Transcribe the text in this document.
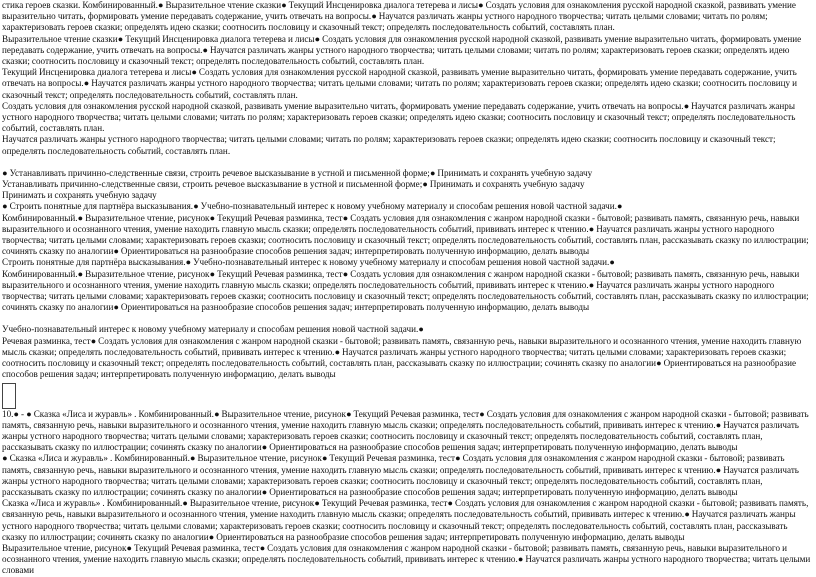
стика героев сказки. Комбинированный.● Выразительное чтение сказки● Текущий Инсценировка диалога тетерева и лисы● Создать условия для ознакомления русской народной сказкой, развивать умение выразительно читать, формировать умение передавать содержание, учить отвечать на вопросы.● Научатся различать жанры устного народного творчества; читать целыми словами; читать по ролям; характеризовать героев сказки; определять идею сказки; соотносить пословицу и сказочный текст; определять последовательность событий, составлять план.

Выразительное чтение сказки● Текущий Инсценировка диалога тетерева и лисы● Создать условия для ознакомления русской народной сказкой, развивать умение выразительно читать, формировать умение передавать содержание, учить отвечать на вопросы.● Научатся различать жанры устного народного творчества; читать целыми словами; читать по ролям; характеризовать героев сказки; определять идею сказки; соотносить пословицу и сказочный текст; определять последовательность событий, составлять план.

Текущий Инсценировка диалога тетерева и лисы● Создать условия для ознакомления русской народной сказкой, развивать умение выразительно читать, формировать умение передавать содержание, учить отвечать на вопросы.● Научатся различать жанры устного народного творчества; читать целыми словами; читать по ролям; характеризовать героев сказки; определять идею сказки; соотносить пословицу и сказочный текст; определять последовательность событий, составлять план.

Создать условия для ознакомления русской народной сказкой, развивать умение выразительно читать, формировать умение передавать содержание, учить отвечать на вопросы.● Научатся различать жанры устного народного творчества; читать целыми словами; читать по ролям; характеризовать героев сказки; определять идею сказки; соотносить пословицу и сказочный текст; определять последовательность событий, составлять план.

Научатся различать жанры устного народного творчества; читать целыми словами; читать по ролям; характеризовать героев сказки; определять идею сказки; соотносить пословицу и сказочный текст; определять последовательность событий, составлять план.

● Устанавливать причинно-следственные связи, строить речевое высказывание в устной и письменной форме;● Принимать и сохранять учебную задачу

Устанавливать причинно-следственные связи, строить речевое высказывание в устной и письменной форме;● Принимать и сохранять учебную задачу

Принимать и сохранять учебную задачу

● Строить понятные для партнёра высказывания.● Учебно-познавательный интерес к новому учебному материалу и способам решения новой частной задачи.●

Комбинированный.● Выразительное чтение, рисунок● Текущий Речевая разминка, тест● Создать условия для ознакомления с жанром народной сказки - бытовой; развивать память, связанную речь, навыки выразительного и осознанного чтения, умение находить главную мысль сказки; определять последовательность событий, прививать интерес к чтению.● Научатся различать жанры устного народного творчества; читать целыми словами; характеризовать героев сказки; соотносить пословицу и сказочный текст; определять последовательность событий, составлять план, рассказывать сказку по иллюстрации; сочинять сказку по аналогии● Ориентироваться на разнообразие способов решения задач; интерпретировать полученную информацию, делать выводы

Строить понятные для партнёра высказывания.● Учебно-познавательный интерес к новому учебному материалу и способам решения новой частной задачи.●

Комбинированный.● Выразительное чтение, рисунок● Текущий Речевая разминка, тест● Создать условия для ознакомления с жанром народной сказки - бытовой; развивать память, связанную речь, навыки выразительного и осознанного чтения, умение находить главную мысль сказки; определять последовательность событий, прививать интерес к чтению.● Научатся различать жанры устного народного творчества; читать целыми словами; характеризовать героев сказки; соотносить пословицу и сказочный текст; определять последовательность событий, составлять план, рассказывать сказку по иллюстрации; сочинять сказку по аналогии● Ориентироваться на разнообразие способов решения задач; интерпретировать полученную информацию, делать выводы

Учебно-познавательный интерес к новому учебному материалу и способам решения новой частной задачи.●

Речевая разминка, тест● Создать условия для ознакомления с жанром народной сказки - бытовой; развивать память, связанную речь, навыки выразительного и осознанного чтения, умение находить главную мысль сказки; определять последовательность событий, прививать интерес к чтению.● Научатся различать жанры устного народного творчества; читать целыми словами; характеризовать героев сказки; соотносить пословицу и сказочный текст; определять последовательность событий, составлять план, рассказывать сказку по иллюстрации; сочинять сказку по аналогии● Ориентироваться на разнообразие способов решения задач; интерпретировать полученную информацию, делать выводы

10.● - ● Сказка «Лиса и журавль» . Комбинированный.● Выразительное чтение, рисунок● Текущий Речевая разминка, тест● Создать условия для ознакомления с жанром народной сказки - бытовой; развивать память, связанную речь, навыки выразительного и осознанного чтения, умение находить главную мысль сказки; определять последовательность событий, прививать интерес к чтению.● Научатся различать жанры устного народного творчества; читать целыми словами; характеризовать героев сказки; соотносить пословицу и сказочный текст; определять последовательность событий, составлять план, рассказывать сказку по иллюстрации; сочинять сказку по аналогии● Ориентироваться на разнообразие способов решения задач; интерпретировать полученную информацию, делать выводы

● Сказка «Лиса и журавль» . Комбинированный.● Выразительное чтение, рисунок● Текущий Речевая разминка, тест● Создать условия для ознакомления с жанром народной сказки - бытовой; развивать память, связанную речь, навыки выразительного и осознанного чтения, умение находить главную мысль сказки; определять последовательность событий, прививать интерес к чтению.● Научатся различать жанры устного народного творчества; читать целыми словами; характеризовать героев сказки; соотносить пословицу и сказочный текст; определять последовательность событий, составлять план, рассказывать сказку по иллюстрации; сочинять сказку по аналогии● Ориентироваться на разнообразие способов решения задач; интерпретировать полученную информацию, делать выводы

Сказка «Лиса и журавль» . Комбинированный.● Выразительное чтение, рисунок● Текущий Речевая разминка, тест● Создать условия для ознакомления с жанром народной сказки - бытовой; развивать память, связанную речь, навыки выразительного и осознанного чтения, умение находить главную мысль сказки; определять последовательность событий, прививать интерес к чтению.● Научатся различать жанры устного народного творчества; читать целыми словами; характеризовать героев сказки; соотносить пословицу и сказочный текст; определять последовательность событий, составлять план, рассказывать сказку по иллюстрации; сочинять сказку по аналогии● Ориентироваться на разнообразие способов решения задач; интерпретировать полученную информацию, делать выводы

Выразительное чтение, рисунок● Текущий Речевая разминка, тест● Создать условия для ознакомления с жанром народной сказки - бытовой; развивать память, связанную речь, навыки выразительного и осознанного чтения, умение находить главную мысль сказки; определять последовательность событий, прививать интерес к чтению.● Научатся различать жанры устного народного творчества; читать целыми словами
